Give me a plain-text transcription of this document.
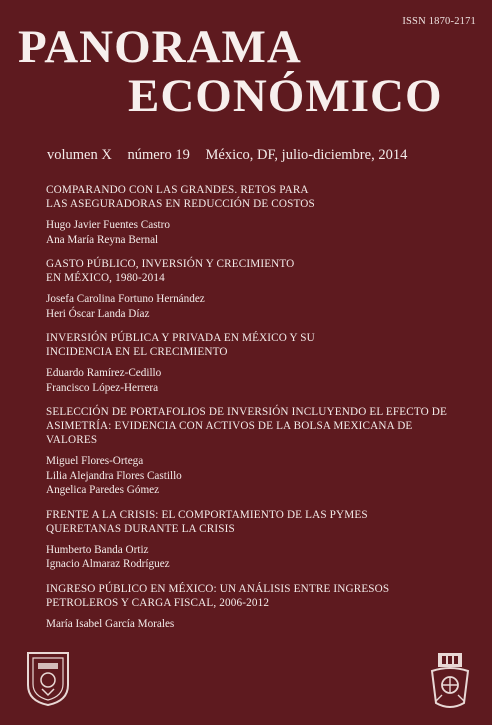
ISSN 1870-2171
PANORAMA
ECONÓMICO
volumen X número 19 México, DF, julio-diciembre, 2014
COMPARANDO CON LAS GRANDES. RETOS PARA
LAS ASEGURADORAS EN REDUCCIÓN DE COSTOS
Hugo Javier Fuentes Castro
Ana María Reyna Bernal
GASTO PÚBLICO, INVERSIÓN Y CRECIMIENTO
EN MÉXICO, 1980-2014
Josefa Carolina Fortuno Hernández
Heri Óscar Landa Díaz
INVERSIÓN PÚBLICA Y PRIVADA EN MÉXICO Y SU
INCIDENCIA EN EL CRECIMIENTO
Eduardo Ramírez-Cedillo
Francisco López-Herrera
SELECCIÓN DE PORTAFOLIOS DE INVERSIÓN INCLUYENDO EL EFECTO DE
ASIMETRÍA: EVIDENCIA CON ACTIVOS DE LA BOLSA MEXICANA DE VALORES
Miguel Flores-Ortega
Lilia Alejandra Flores Castillo
Angelica Paredes Gómez
FRENTE A LA CRISIS: EL COMPORTAMIENTO DE LAS PYMES
QUERETANAS DURANTE LA CRISIS
Humberto Banda Ortiz
Ignacio Almaraz Rodríguez
INGRESO PÚBLICO EN MÉXICO: UN ANÁLISIS ENTRE INGRESOS
PETROLEROS Y CARGA FISCAL, 2006-2012
María Isabel García Morales
